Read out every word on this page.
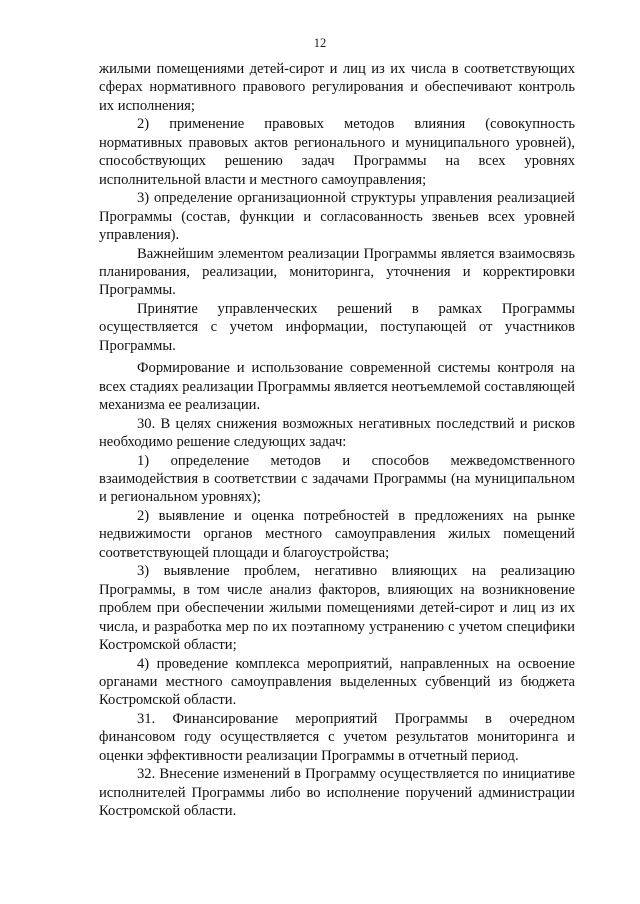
12

жилыми помещениями детей-сирот и лиц из их числа в соответствующих сферах нормативного правового регулирования и обеспечивают контроль их исполнения;

2) применение правовых методов влияния (совокупность нормативных правовых актов регионального и муниципального уровней), способствующих решению задач Программы на всех уровнях исполнительной власти и местного самоуправления;

3) определение организационной структуры управления реализацией Программы (состав, функции и согласованность звеньев всех уровней управления).

Важнейшим элементом реализации Программы является взаимосвязь планирования, реализации, мониторинга, уточнения и корректировки Программы.

Принятие управленческих решений в рамках Программы осуществляется с учетом информации, поступающей от участников Программы.

Формирование и использование современной системы контроля на всех стадиях реализации Программы является неотъемлемой составляющей механизма ее реализации.

30. В целях снижения возможных негативных последствий и рисков необходимо решение следующих задач:

1) определение методов и способов межведомственного взаимодействия в соответствии с задачами Программы (на муниципальном и региональном уровнях);

2) выявление и оценка потребностей в предложениях на рынке недвижимости органов местного самоуправления жилых помещений соответствующей площади и благоустройства;

3) выявление проблем, негативно влияющих на реализацию Программы, в том числе анализ факторов, влияющих на возникновение проблем при обеспечении жилыми помещениями детей-сирот и лиц из их числа, и разработка мер по их поэтапному устранению с учетом специфики Костромской области;

4) проведение комплекса мероприятий, направленных на освоение органами местного самоуправления выделенных субвенций из бюджета Костромской области.

31. Финансирование мероприятий Программы в очередном финансовом году осуществляется с учетом результатов мониторинга и оценки эффективности реализации Программы в отчетный период.

32. Внесение изменений в Программу осуществляется по инициативе исполнителей Программы либо во исполнение поручений администрации Костромской области.
